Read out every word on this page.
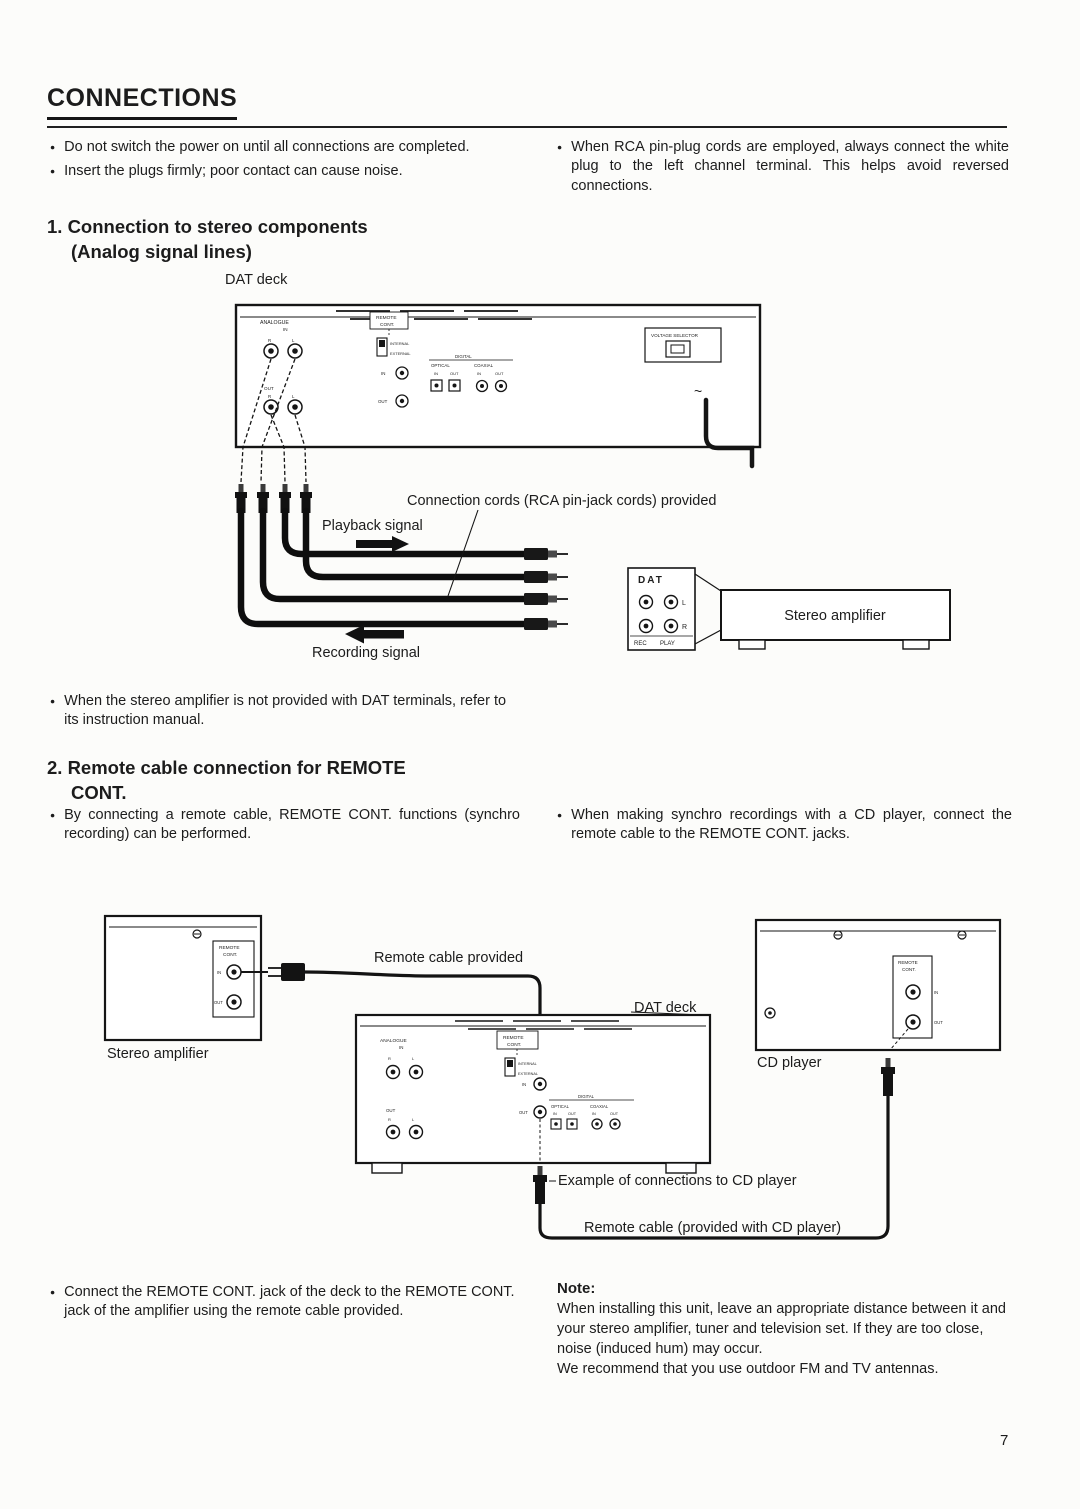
CONNECTIONS
● Do not switch the power on until all connections are completed.
● Insert the plugs firmly; poor contact can cause noise.
● When RCA pin-plug cords are employed, always connect the white plug to the left channel terminal. This helps avoid reversed connections.
1. Connection to stereo components
(Analog signal lines)
ANALOGUE
IN
R	L
OUT
R	L
REMOTE
CONT.
INTERNAL
EXTERNAL
IN
OUT
DIGITAL
OPTICAL
IN	OUT
COAXIAL
IN	OUT
VOLTAGE SELECTOR
~
DAT
L
R
REC PLAY
Stereo amplifier
DAT deck
Connection cords (RCA pin-jack cords) provided
Playback signal
Recording signal
● When the stereo amplifier is not provided with DAT terminals, refer to its instruction manual.
2. Remote cable connection for REMOTE
CONT.
● By connecting a remote cable, REMOTE CONT. functions (synchro recording) can be performed.
● When making synchro recordings with a CD player, connect the remote cable to the REMOTE CONT. jacks.
REMOTE
CONT.
IN
OUT
ANALOGUE
IN
R	L
OUT
R	L
REMOTE
CONT.
INTERNAL
EXTERNAL
IN
OUT
DIGITAL
OPTICAL
IN	OUT
COAXIAL
IN	OUT
REMOTE
CONT.
IN
OUT
Stereo amplifier
Remote cable provided
DAT deck
CD player
Example of connections to CD player
Remote cable (provided with CD player)
● Connect the REMOTE CONT. jack of the deck to the REMOTE CONT. jack of the amplifier using the remote cable provided.
Note:
When installing this unit, leave an appropriate distance between it and your stereo amplifier, tuner and television set. If they are too close, noise (induced hum) may occur.
We recommend that you use outdoor FM and TV antennas.
7
